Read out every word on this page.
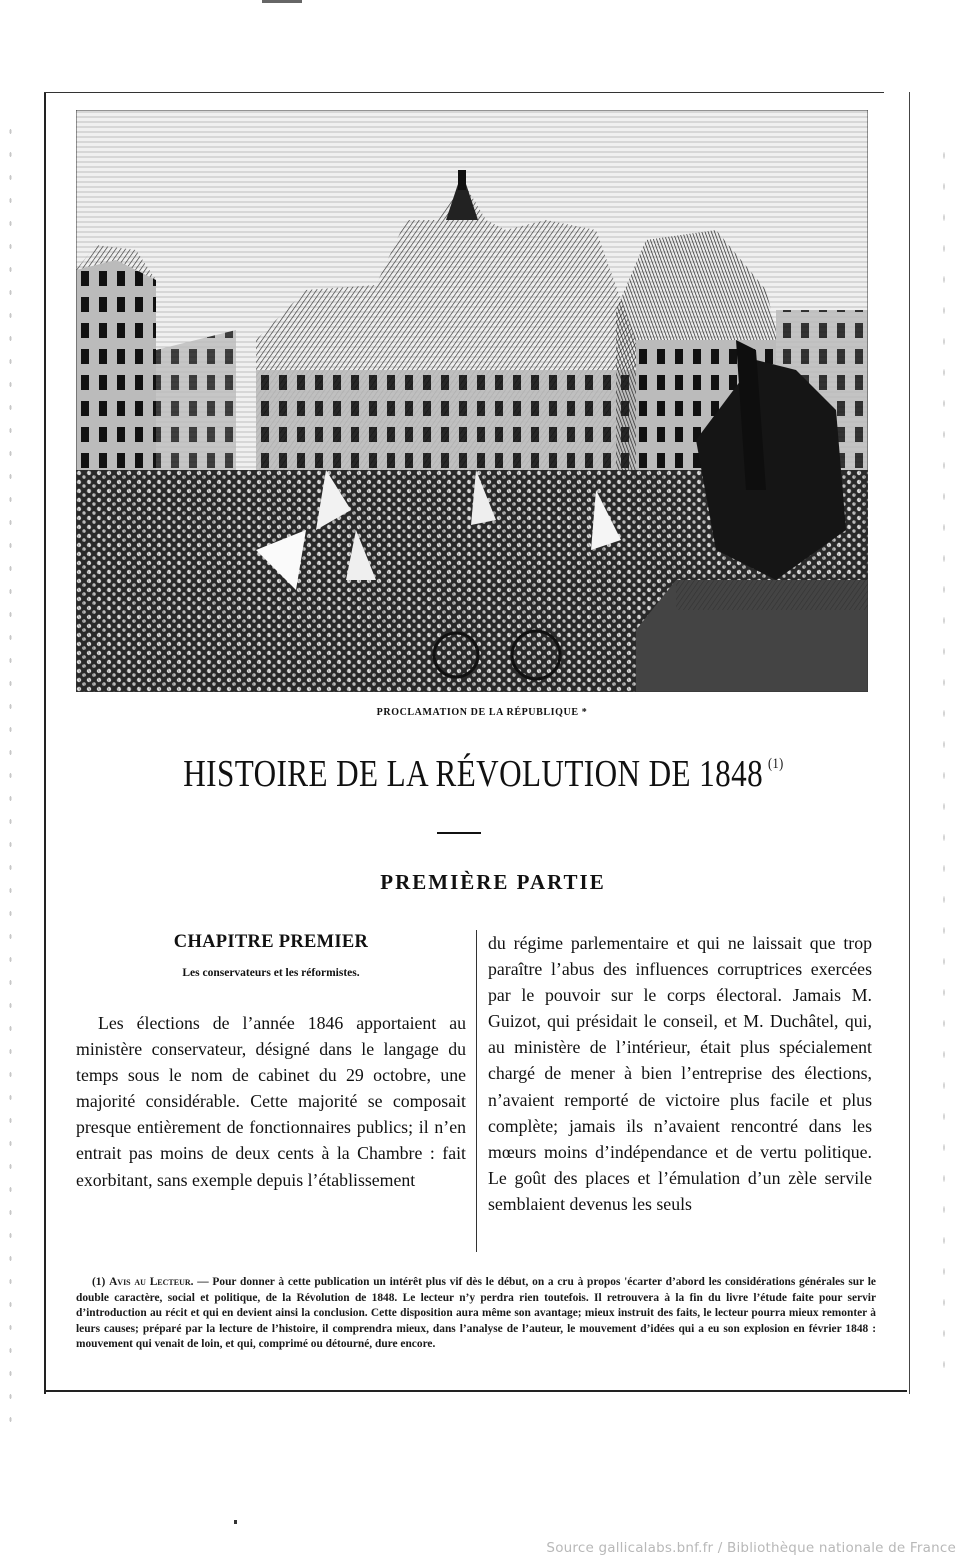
PROCLAMATION DE LA RÉPUBLIQUE *
HISTOIRE DE LA RÉVOLUTION DE 1848 $^{(1)}$
PREMIÈRE PARTIE
CHAPITRE PREMIER

Les conservateurs et les réformistes.

Les élections de l’année 1846 apportaient au ministère conservateur, désigné dans le langage du temps sous le nom de cabinet du 29 octobre, une majorité considérable. Cette majorité se composait presque entièrement de fonctionnaires publics; il n’en entrait pas moins de deux cents à la Chambre : fait exorbitant, sans exemple depuis l’établissement

du régime parlementaire et qui ne laissait que trop paraître l’abus des influences corruptrices exercées par le pouvoir sur le corps électoral. Jamais M. Guizot, qui présidait le conseil, et M. Duchâtel, qui, au ministère de l’intérieur, était plus spécialement chargé de mener à bien l’entreprise des élections, n’avaient remporté de victoire plus facile et plus complète; jamais ils n’avaient rencontré dans les mœurs moins d’indépendance et de vertu politique. Le goût des places et l’émulation d’un zèle servile semblaient devenus les seuls

(1) Avis au Lecteur. — Pour donner à cette publication un intérêt plus vif dès le début, on a cru à propos 'écarter d’abord les considérations générales sur le double caractère, social et politique, de la Révolution de 1848. Le lecteur n’y perdra rien toutefois. Il retrouvera à la fin du livre l’étude faite pour servir d’introduction au récit et qui en devient ainsi la conclusion. Cette disposition aura même son avantage; mieux instruit des faits, le lecteur pourra mieux remonter à leurs causes; préparé par la lecture de l’histoire, il comprendra mieux, dans l’analyse de l’auteur, le mouvement d’idées qui a eu son explosion en février 1848 : mouvement qui venait de loin, et qui, comprimé ou détourné, dure encore.
Source gallicalabs.bnf.fr / Bibliothèque nationale de France
